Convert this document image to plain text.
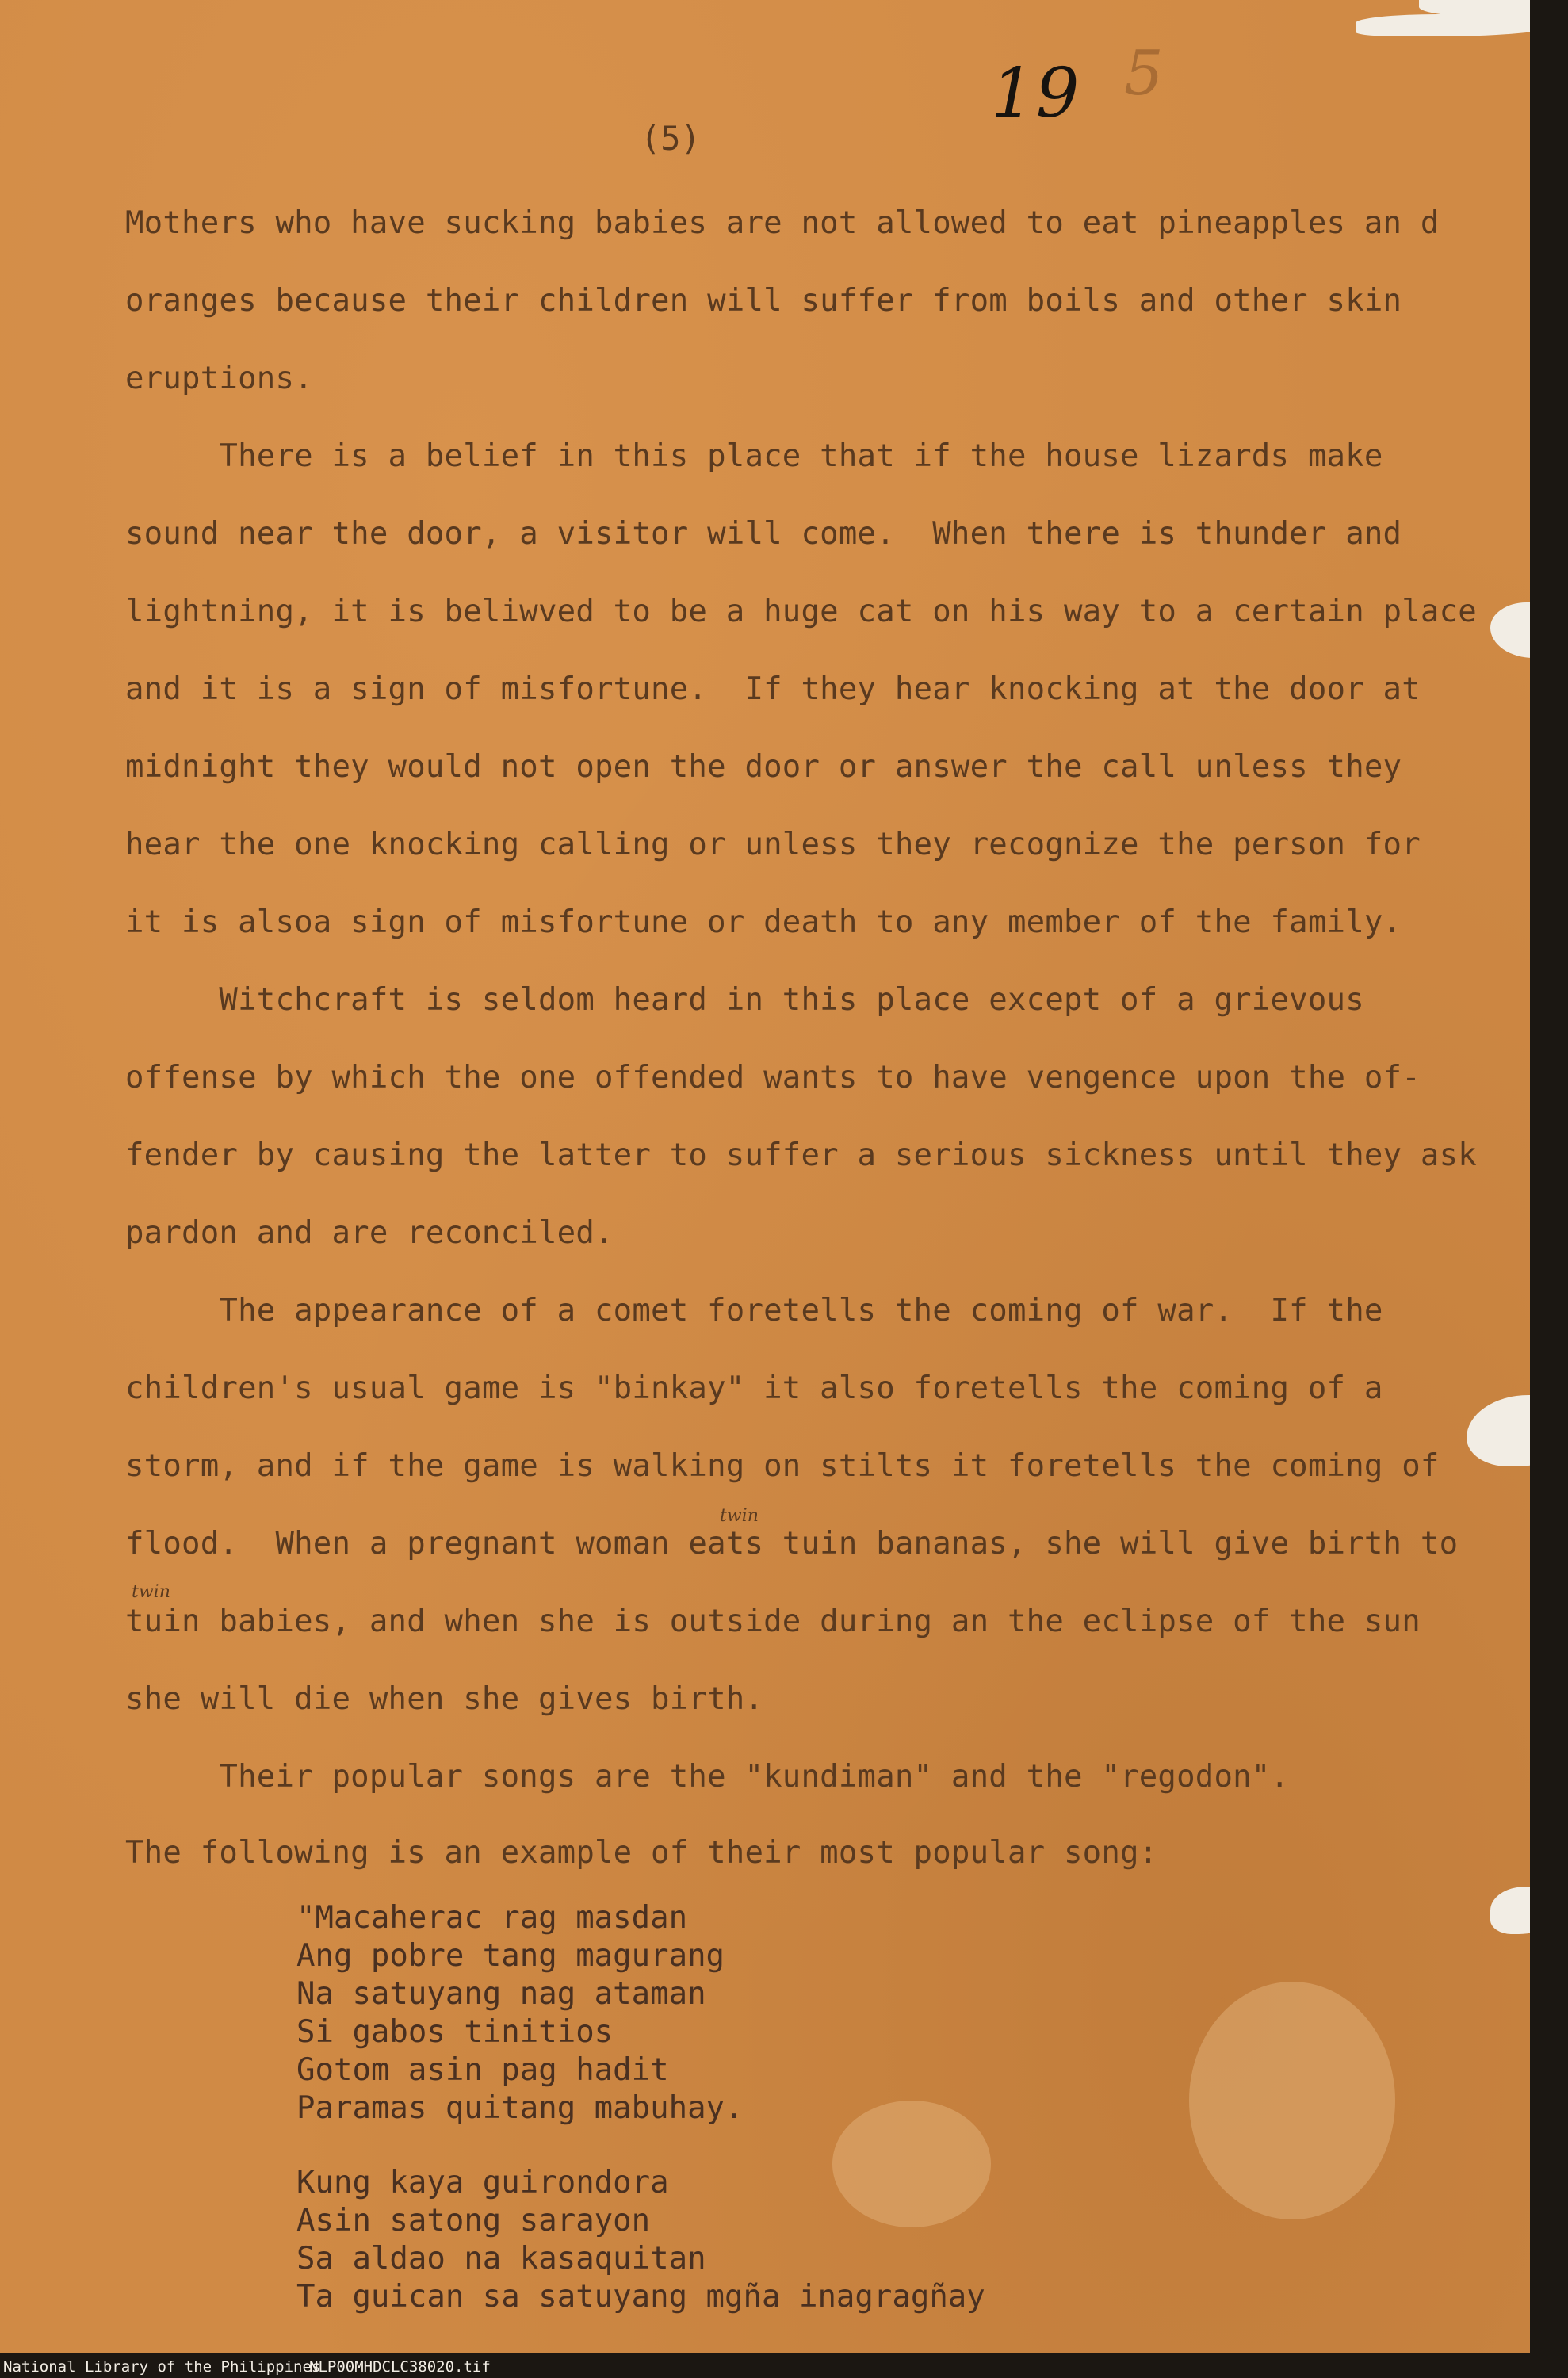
19 5
(5)
Mothers who have sucking babies are not allowed to eat pineapples an d
oranges because their children will suffer from boils and other skin
eruptions.
There is a belief in this place that if the house lizards make
sound near the door, a visitor will come.  When there is thunder and
lightning, it is beliwved to be a huge cat on his way to a certain place
and it is a sign of misfortune.  If they hear knocking at the door at
midnight they would not open the door or answer the call unless they
hear the one knocking calling or unless they recognize the person for
it is alsoa sign of misfortune or death to any member of the family.
Witchcraft is seldom heard in this place except of a grievous
offense by which the one offended wants to have vengence upon the of-
fender by causing the latter to suffer a serious sickness until they ask
pardon and are reconciled.
The appearance of a comet foretells the coming of war.  If the
children's usual game is "binkay" it also foretells the coming of a
storm, and if the game is walking on stilts it foretells the coming of
twin
flood.  When a pregnant woman eats tuin bananas, she will give birth to
twin
tuin babies, and when she is outside during an the eclipse of the sun
she will die when she gives birth.
Their popular songs are the "kundiman" and the "regodon".
The following is an example of their most popular song:
"Macaherac rag masdan
Ang pobre tang magurang
Na satuyang nag ataman
Si gabos tinitios
Gotom asin pag hadit
Paramas quitang mabuhay.
Kung kaya guirondora
Asin satong sarayon
Sa aldao na kasaquitan
Ta guican sa satuyang mgña inagragñay
National Library of the Philippines
NLP00MHDCLC38020.tif
